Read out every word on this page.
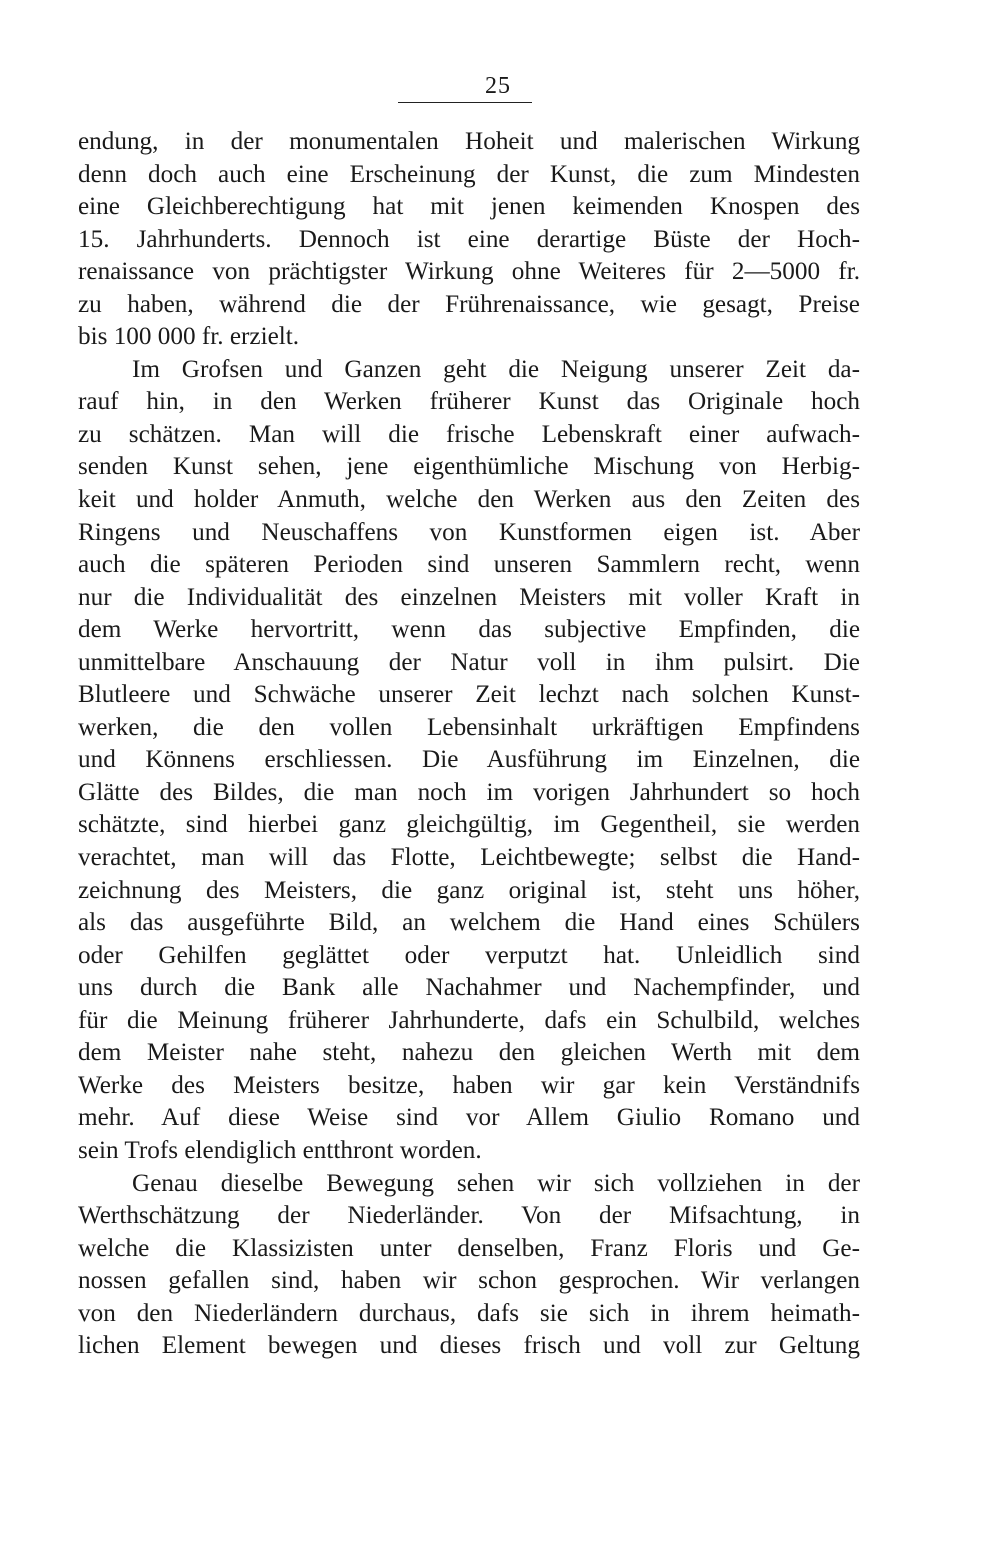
25
endung, in der monumentalen Hoheit und malerischen Wirkung
denn doch auch eine Erscheinung der Kunst, die zum Mindesten
eine Gleichberechtigung hat mit jenen keimenden Knospen des
15. Jahrhunderts. Dennoch ist eine derartige Büste der Hoch-
renaissance von prächtigster Wirkung ohne Weiteres für 2—5000 fr.
zu haben, während die der Frührenaissance, wie gesagt, Preise
bis 100 000 fr. erzielt.
Im Grofsen und Ganzen geht die Neigung unserer Zeit da-
rauf hin, in den Werken früherer Kunst das Originale hoch
zu schätzen. Man will die frische Lebenskraft einer aufwach-
senden Kunst sehen, jene eigenthümliche Mischung von Herbig-
keit und holder Anmuth, welche den Werken aus den Zeiten des
Ringens und Neuschaffens von Kunstformen eigen ist. Aber
auch die späteren Perioden sind unseren Sammlern recht, wenn
nur die Individualität des einzelnen Meisters mit voller Kraft in
dem Werke hervortritt, wenn das subjective Empfinden, die
unmittelbare Anschauung der Natur voll in ihm pulsirt. Die
Blutleere und Schwäche unserer Zeit lechzt nach solchen Kunst-
werken, die den vollen Lebensinhalt urkräftigen Empfindens
und Könnens erschliessen. Die Ausführung im Einzelnen, die
Glätte des Bildes, die man noch im vorigen Jahrhundert so hoch
schätzte, sind hierbei ganz gleichgültig, im Gegentheil, sie werden
verachtet, man will das Flotte, Leichtbewegte; selbst die Hand-
zeichnung des Meisters, die ganz original ist, steht uns höher,
als das ausgeführte Bild, an welchem die Hand eines Schülers
oder Gehilfen geglättet oder verputzt hat. Unleidlich sind
uns durch die Bank alle Nachahmer und Nachempfinder, und
für die Meinung früherer Jahrhunderte, dafs ein Schulbild, welches
dem Meister nahe steht, nahezu den gleichen Werth mit dem
Werke des Meisters besitze, haben wir gar kein Verständnifs
mehr. Auf diese Weise sind vor Allem Giulio Romano und
sein Trofs elendiglich entthront worden.
Genau dieselbe Bewegung sehen wir sich vollziehen in der
Werthschätzung der Niederländer. Von der Mifsachtung, in
welche die Klassizisten unter denselben, Franz Floris und Ge-
nossen gefallen sind, haben wir schon gesprochen. Wir verlangen
von den Niederländern durchaus, dafs sie sich in ihrem heimath-
lichen Element bewegen und dieses frisch und voll zur Geltung
